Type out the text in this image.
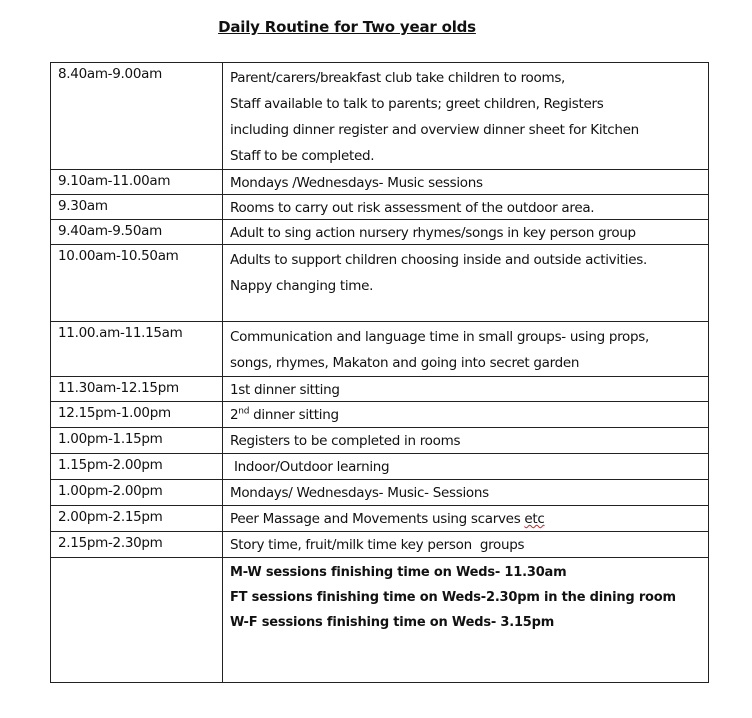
Daily Routine for Two year olds
8.40am-9.00am	Parent/carers/breakfast club take children to rooms,
Staff available to talk to parents; greet children, Registers
including dinner register and overview dinner sheet for Kitchen
Staff to be completed.

9.10am-11.00am	Mondays /Wednesdays- Music sessions

9.30am	Rooms to carry out risk assessment of the outdoor area.

9.40am-9.50am	Adult to sing action nursery rhymes/songs in key person group

10.00am-10.50am	Adults to support children choosing inside and outside activities.
Nappy changing time.

11.00.am-11.15am	Communication and language time in small groups- using props,
songs, rhymes, Makaton and going into secret garden

11.30am-12.15pm	1st dinner sitting

12.15pm-1.00pm	2nd dinner sitting

1.00pm-1.15pm	Registers to be completed in rooms

1.15pm-2.00pm	Indoor/Outdoor learning

1.00pm-2.00pm	Mondays/ Wednesdays- Music- Sessions

2.00pm-2.15pm	Peer Massage and Movements using scarves etc

2.15pm-2.30pm	Story time, fruit/milk time key person  groups

	M-W sessions finishing time on Weds- 11.30am
FT sessions finishing time on Weds-2.30pm in the dining room
W-F sessions finishing time on Weds- 3.15pm
